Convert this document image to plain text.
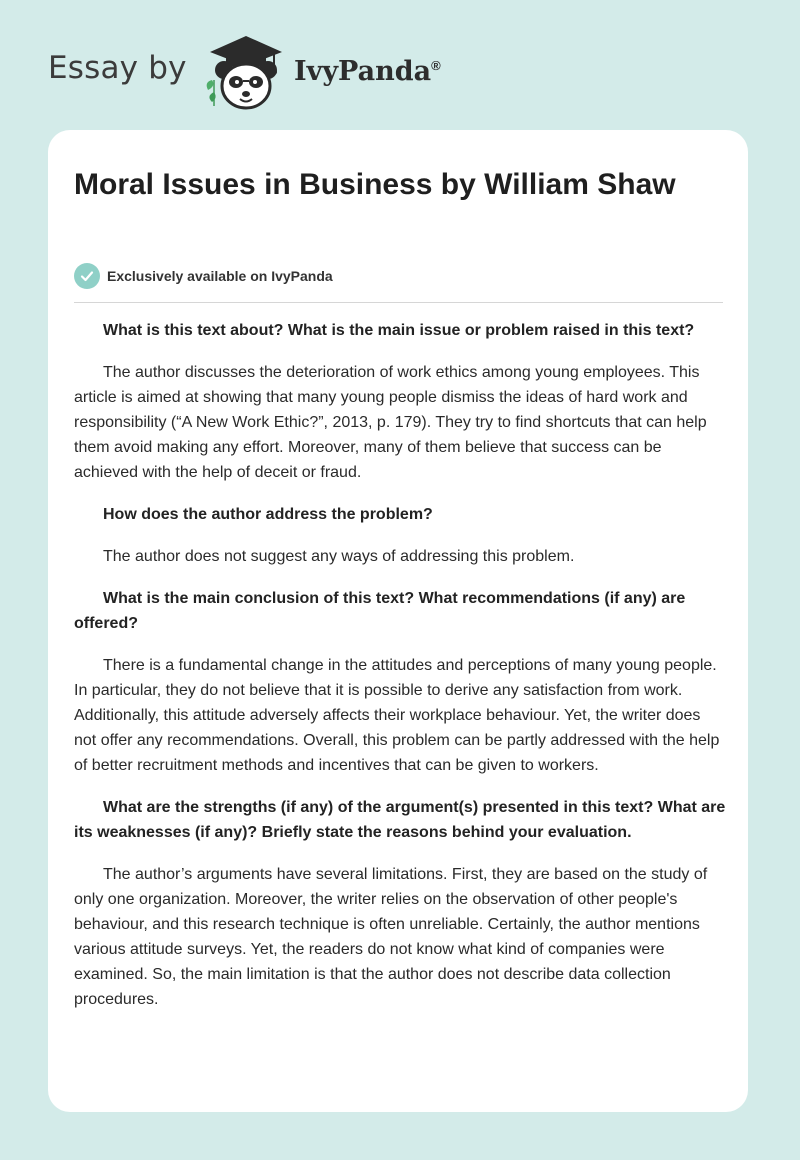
Essay by	IvyPanda®
Moral Issues in Business by William Shaw
Exclusively available on IvyPanda

What is this text about? What is the main issue or problem raised in this text?

The author discusses the deterioration of work ethics among young employees. This article is aimed at showing that many young people dismiss the ideas of hard work and responsibility (“A New Work Ethic?”, 2013, p. 179). They try to find shortcuts that can help them avoid making any effort. Moreover, many of them believe that success can be achieved with the help of deceit or fraud.

How does the author address the problem?

The author does not suggest any ways of addressing this problem.

What is the main conclusion of this text? What recommendations (if any) are offered?

There is a fundamental change in the attitudes and perceptions of many young people. In particular, they do not believe that it is possible to derive any satisfaction from work. Additionally, this attitude adversely affects their workplace behaviour. Yet, the writer does not offer any recommendations. Overall, this problem can be partly addressed with the help of better recruitment methods and incentives that can be given to workers.

What are the strengths (if any) of the argument(s) presented in this text? What are its weaknesses (if any)? Briefly state the reasons behind your evaluation.

The author’s arguments have several limitations. First, they are based on the study of only one organization. Moreover, the writer relies on the observation of other people's behaviour, and this research technique is often unreliable. Certainly, the author mentions various attitude surveys. Yet, the readers do not know what kind of companies were examined. So, the main limitation is that the author does not describe data collection procedures.
